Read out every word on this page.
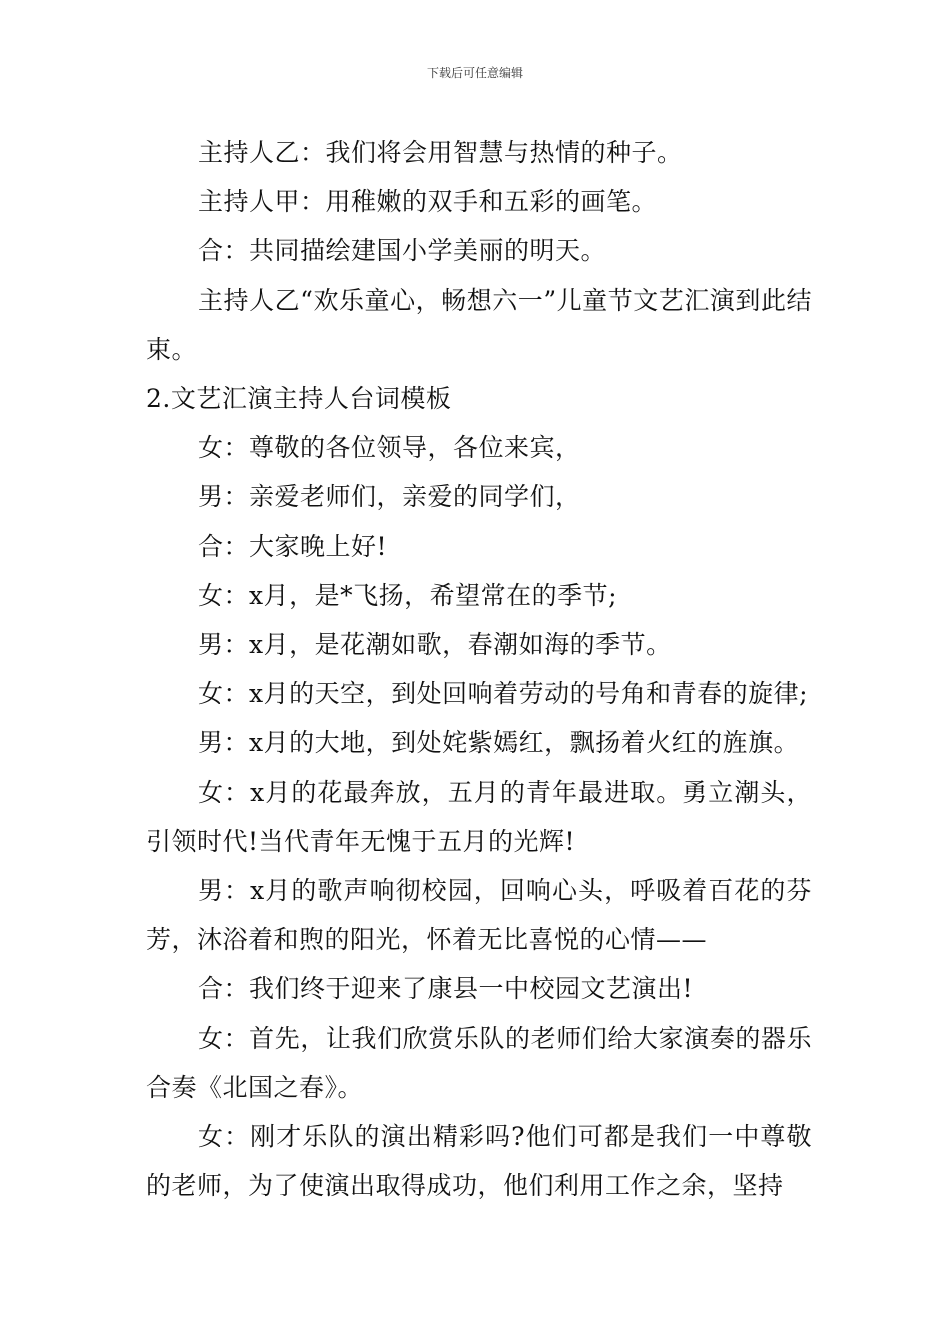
下载后可任意编辑

主持人乙：我们将会用智慧与热情的种子。

主持人甲：用稚嫩的双手和五彩的画笔。

合：共同描绘建国小学美丽的明天。

主持人乙“欢乐童心，畅想六一”儿童节文艺汇演到此结束。

2.文艺汇演主持人台词模板

女：尊敬的各位领导，各位来宾，

男：亲爱老师们，亲爱的同学们，

合：大家晚上好!

女：x月，是*飞扬，希望常在的季节;

男：x月，是花潮如歌，春潮如海的季节。

女：x月的天空，到处回响着劳动的号角和青春的旋律;

男：x月的大地，到处姹紫嫣红，飘扬着火红的旌旗。

女：x月的花最奔放，五月的青年最进取。勇立潮头，引领时代!当代青年无愧于五月的光辉!

男：x月的歌声响彻校园，回响心头，呼吸着百花的芬芳，沐浴着和煦的阳光，怀着无比喜悦的心情——

合：我们终于迎来了康县一中校园文艺演出!

女：首先，让我们欣赏乐队的老师们给大家演奏的器乐合奏《北国之春》。

女：刚才乐队的演出精彩吗?他们可都是我们一中尊敬的老师，为了使演出取得成功，他们利用工作之余，坚持
